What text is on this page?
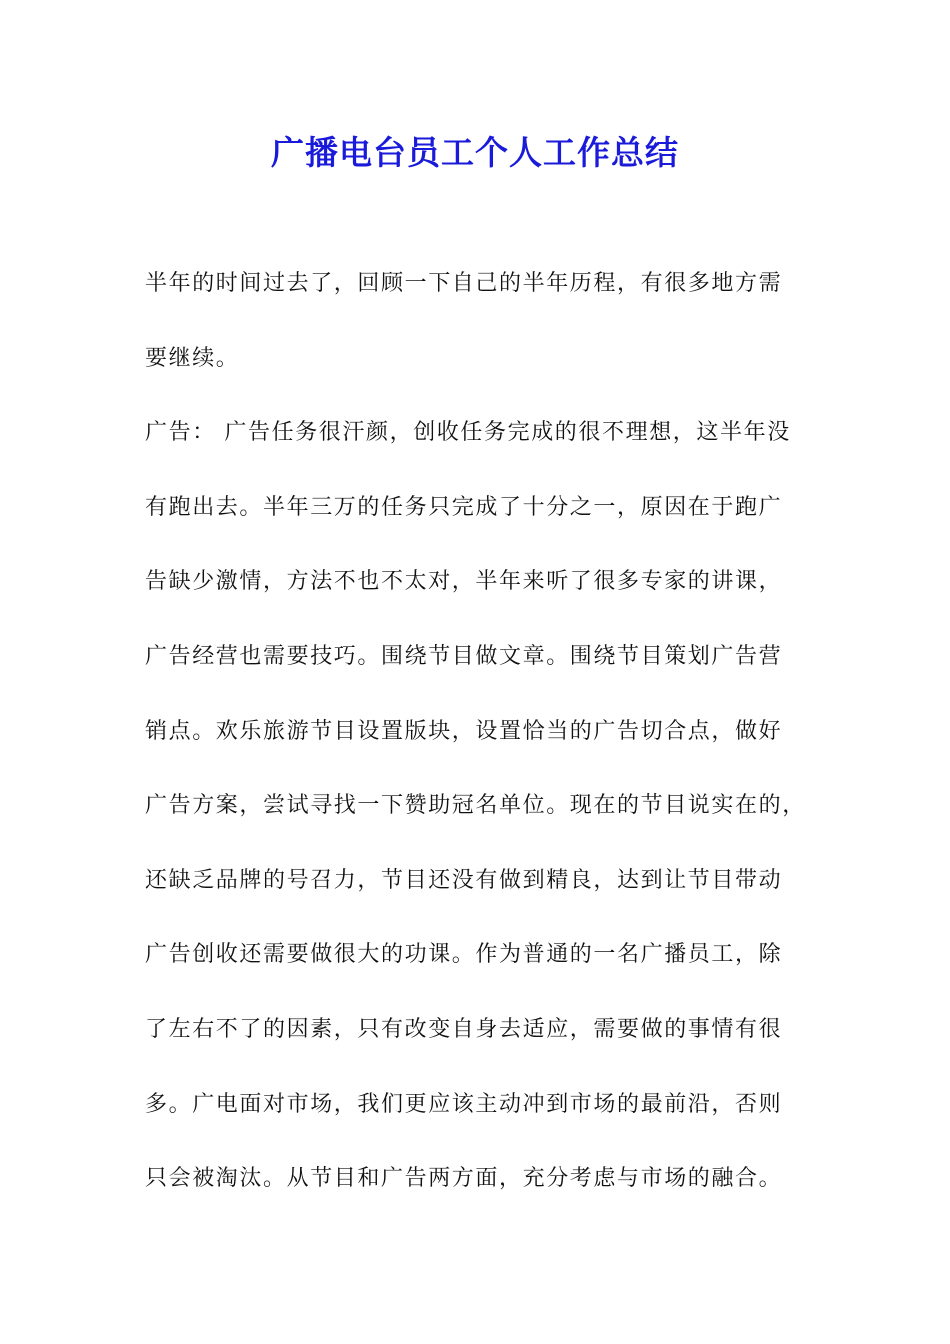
广播电台员工个人工作总结
半年的时间过去了，回顾一下自己的半年历程，有很多地方需
要继续。
广告： 广告任务很汗颜，创收任务完成的很不理想，这半年没
有跑出去。半年三万的任务只完成了十分之一，原因在于跑广
告缺少激情，方法不也不太对，半年来听了很多专家的讲课，
广告经营也需要技巧。围绕节目做文章。围绕节目策划广告营
销点。欢乐旅游节目设置版块，设置恰当的广告切合点，做好
广告方案，尝试寻找一下赞助冠名单位。现在的节目说实在的，
还缺乏品牌的号召力，节目还没有做到精良，达到让节目带动
广告创收还需要做很大的功课。作为普通的一名广播员工，除
了左右不了的因素，只有改变自身去适应，需要做的事情有很
多。广电面对市场，我们更应该主动冲到市场的最前沿，否则
只会被淘汰。从节目和广告两方面，充分考虑与市场的融合。
